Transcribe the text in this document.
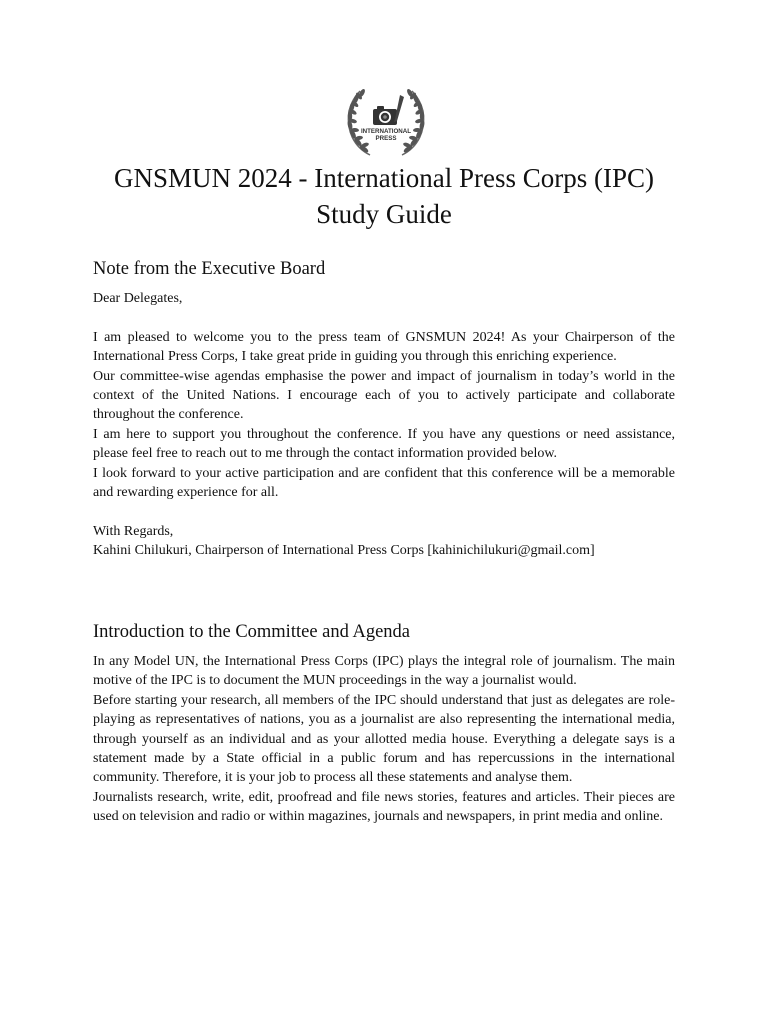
INTERNATIONAL
PRESS
GNSMUN 2024 - International Press Corps (IPC)
Study Guide
Note from the Executive Board

Dear Delegates,

I am pleased to welcome you to the press team of GNSMUN 2024! As your Chairperson of the International Press Corps, I take great pride in guiding you through this enriching experience.

Our committee-wise agendas emphasise the power and impact of journalism in today’s world in the context of the United Nations. I encourage each of you to actively participate and collaborate throughout the conference.

I am here to support you throughout the conference. If you have any questions or need assistance, please feel free to reach out to me through the contact information provided below.

I look forward to your active participation and are confident that this conference will be a memorable and rewarding experience for all.

With Regards,

Kahini Chilukuri, Chairperson of International Press Corps [kahinichilukuri@gmail.com]

Introduction to the Committee and Agenda

In any Model UN, the International Press Corps (IPC) plays the integral role of journalism. The main motive of the IPC is to document the MUN proceedings in the way a journalist would.

Before starting your research, all members of the IPC should understand that just as delegates are role-playing as representatives of nations, you as a journalist are also representing the international media, through yourself as an individual and as your allotted media house. Everything a delegate says is a statement made by a State official in a public forum and has repercussions in the international community. Therefore, it is your job to process all these statements and analyse them.

Journalists research, write, edit, proofread and file news stories, features and articles. Their pieces are used on television and radio or within magazines, journals and newspapers, in print media and online.
